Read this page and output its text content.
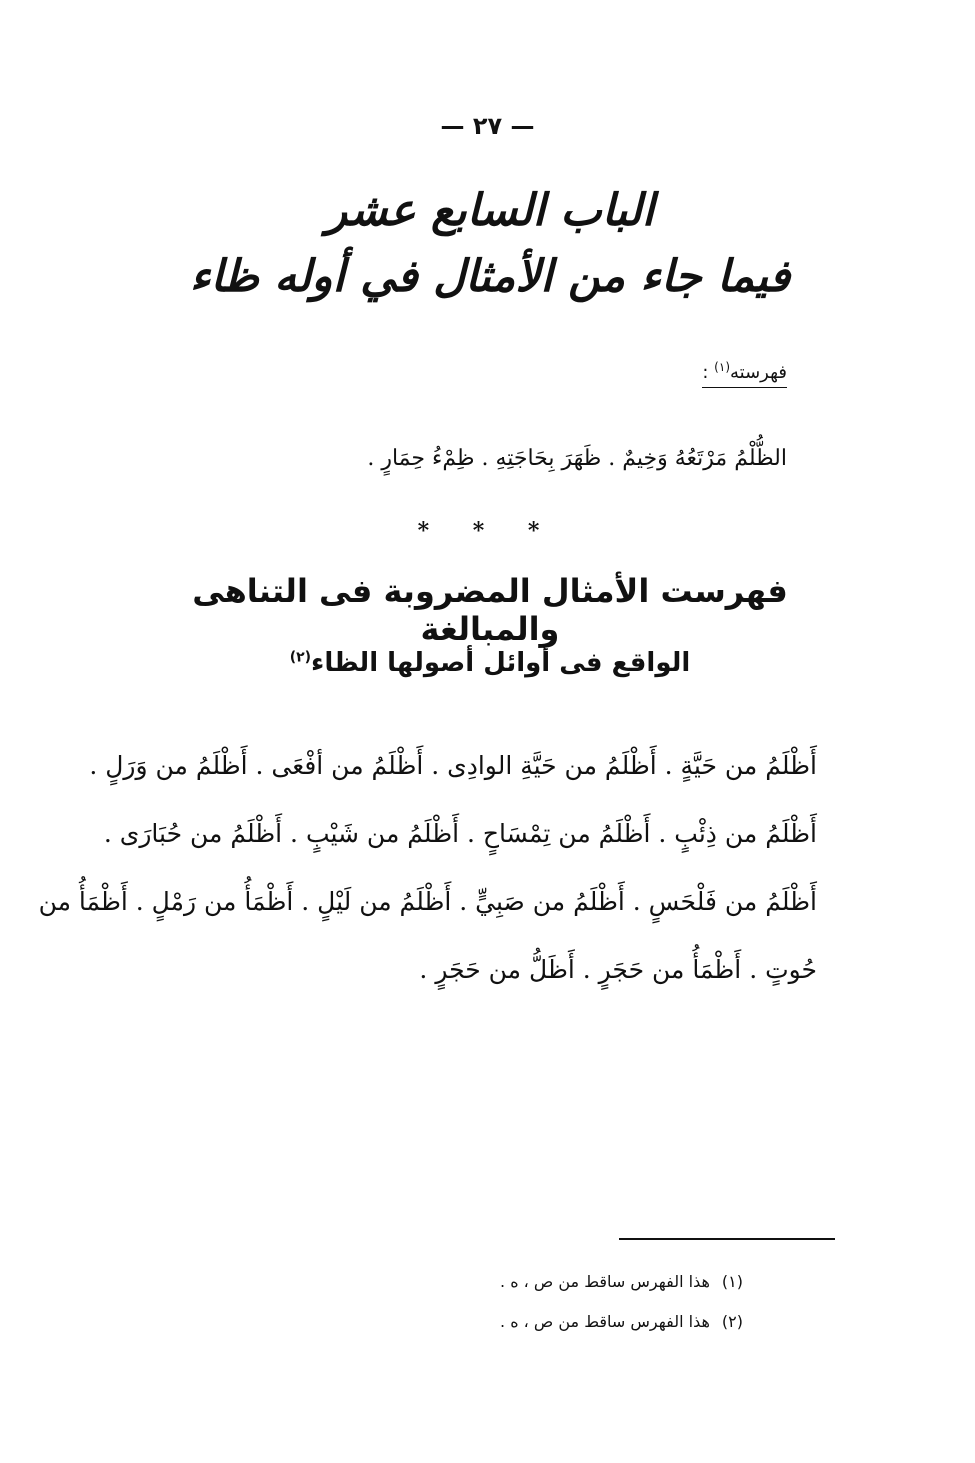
— ٢٧ —
الباب السابع عشر
فيما جاء من الأمثال في أوله ظاء
فهرسته$^{(١)}$ :
الظُّلْمُ مَرْتَعُهُ وَخِيمٌ . ظَهَرَ بِحَاجَتِهِ . ظِمْءُ حِمَارٍ .
* * *
فهرست الأمثال المضروبة فى التناهى والمبالغة
الواقع فى أوائل أصولها الظاء$^{(٢)}$
أَظْلَمُ من حَيَّةٍ . أَظْلَمُ من حَيَّةِ الوادِى . أَظْلَمُ من أفْعَى . أَظْلَمُ من وَرَلٍ .
أَظْلَمُ من ذِئْبٍ . أَظْلَمُ من تِمْسَاحٍ . أَظْلَمُ من شَيْبٍ . أَظْلَمُ من حُبَارَى .
أَظْلَمُ من فَلْحَسٍ . أَظْلَمُ من صَبِيٍّ . أَظْلَمُ من لَيْلٍ . أَظْمَأُ من رَمْلٍ . أَظْمَأُ من
حُوتٍ . أَظْمَأُ من حَجَرٍ . أَظَلُّ من حَجَرٍ .
(١)هذا الفهرس ساقط من ص ، ه .
(٢)هذا الفهرس ساقط من ص ، ه .
